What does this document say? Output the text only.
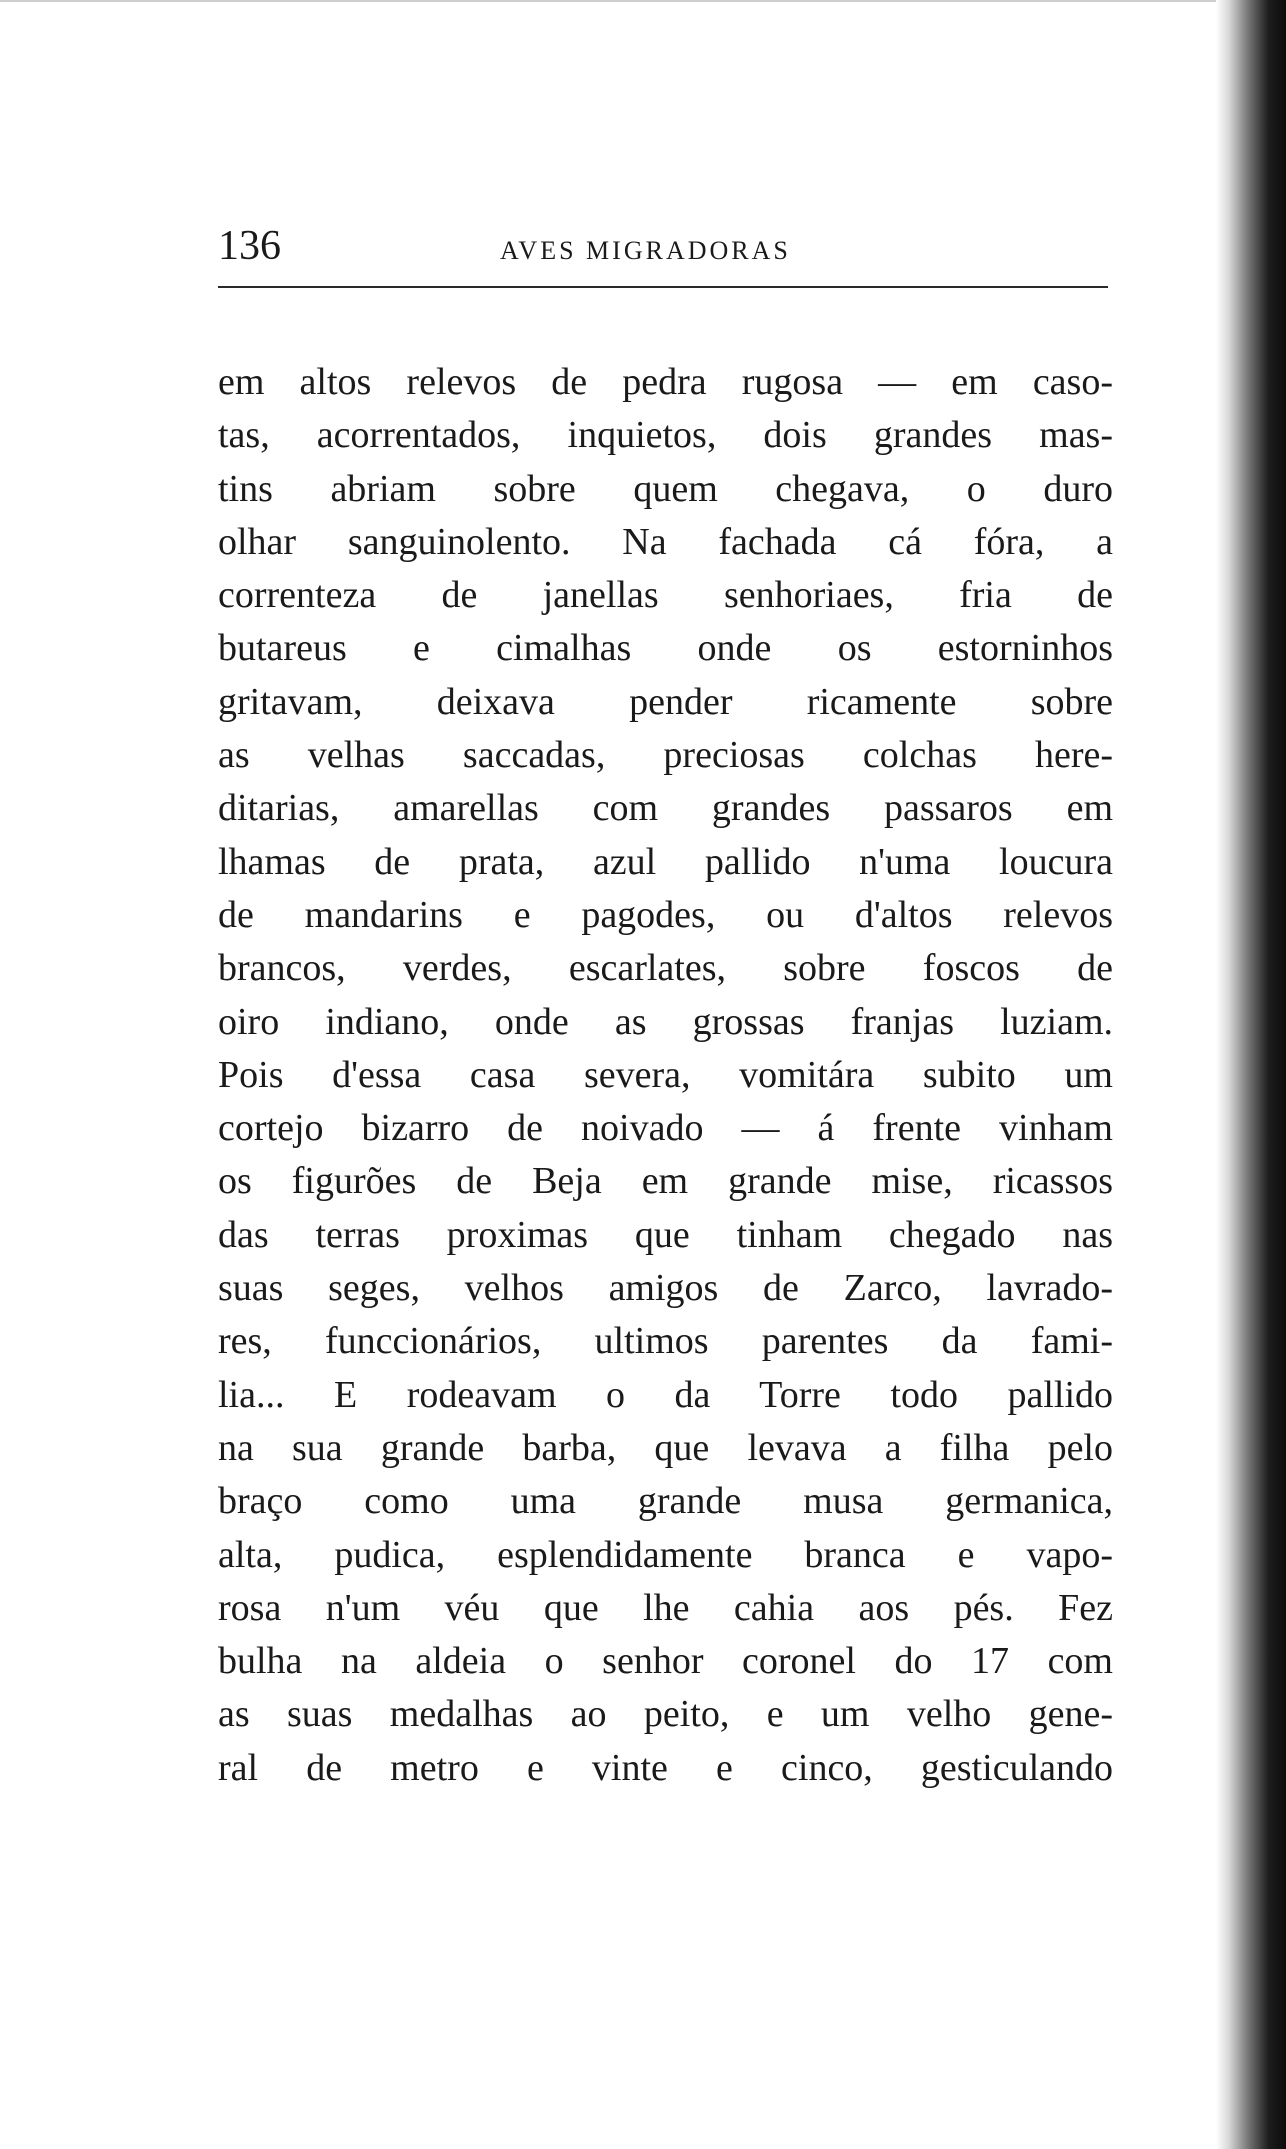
136	AVES MIGRADORAS
em altos relevos de pedra rugosa — em caso-
tas, acorrentados, inquietos, dois grandes mas-
tins abriam sobre quem chegava, o duro
olhar sanguinolento. Na fachada cá fóra, a
correnteza de janellas senhoriaes, fria de
butareus e cimalhas onde os estorninhos
gritavam, deixava pender ricamente sobre
as velhas saccadas, preciosas colchas here-
ditarias, amarellas com grandes passaros em
lhamas de prata, azul pallido n'uma loucura
de mandarins e pagodes, ou d'altos relevos
brancos, verdes, escarlates, sobre foscos de
oiro indiano, onde as grossas franjas luziam.
Pois d'essa casa severa, vomitára subito um
cortejo bizarro de noivado — á frente vinham
os figurões de Beja em grande mise, ricassos
das terras proximas que tinham chegado nas
suas seges, velhos amigos de Zarco, lavrado-
res, funccionários, ultimos parentes da fami-
lia... E rodeavam o da Torre todo pallido
na sua grande barba, que levava a filha pelo
braço como uma grande musa germanica,
alta, pudica, esplendidamente branca e vapo-
rosa n'um véu que lhe cahia aos pés. Fez
bulha na aldeia o senhor coronel do 17 com
as suas medalhas ao peito, e um velho gene-
ral de metro e vinte e cinco, gesticulando
